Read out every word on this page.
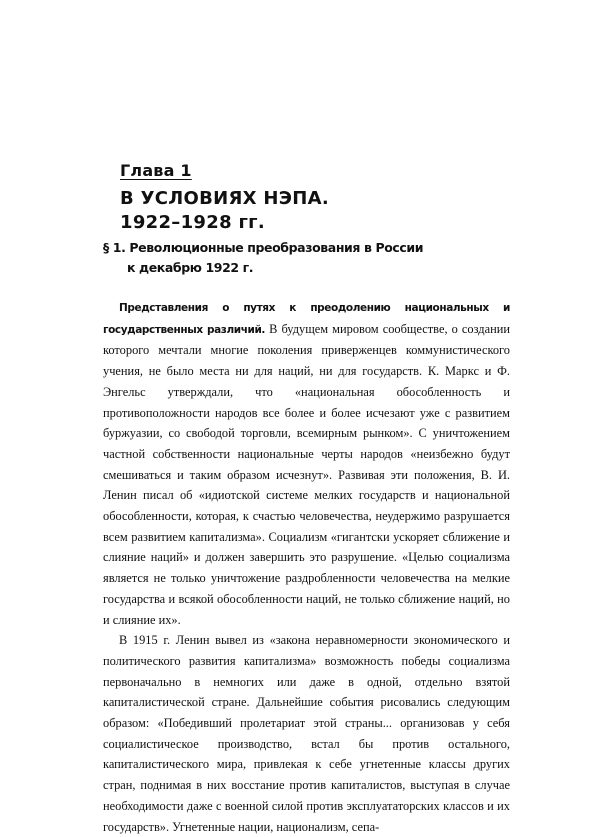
Глава 1
В УСЛОВИЯХ НЭПА.
1922–1928 гг.
§ 1. Революционные преобразования в России
к декабрю 1922 г.

Представления о путях к преодолению национальных и государственных различий. В будущем мировом сообществе, о создании которого мечтали многие поколения приверженцев коммунистического учения, не было места ни для наций, ни для государств. К. Маркс и Ф. Энгельс утверждали, что «национальная обособленность и противоположности народов все более и более исчезают уже с развитием буржуазии, со свободой торговли, всемирным рынком». С уничтожением частной собственности национальные черты народов «неизбежно будут смешиваться и таким образом исчезнут». Развивая эти положения, В. И. Ленин писал об «идиотской системе мелких государств и национальной обособленности, которая, к счастью человечества, неудержимо разрушается всем развитием капитализма». Социализм «гигантски ускоряет сближение и слияние наций» и должен завершить это разрушение. «Целью социализма является не только уничтожение раздробленности человечества на мелкие государства и всякой обособленности наций, не только сближение наций, но и слияние их».

В 1915 г. Ленин вывел из «закона неравномерности экономического и политического развития капитализма» возможность победы социализма первоначально в немногих или даже в одной, отдельно взятой капиталистической стране. Дальнейшие события рисовались следующим образом: «Победивший пролетариат этой страны... организовав у себя социалистическое производство, встал бы против остального, капиталистического мира, привлекая к себе угнетенные классы других стран, поднимая в них восстание против капиталистов, выступая в случае необходимости даже с военной силой против эксплуататорских классов и их государств». Угнетенные нации, национализм, сепа-
